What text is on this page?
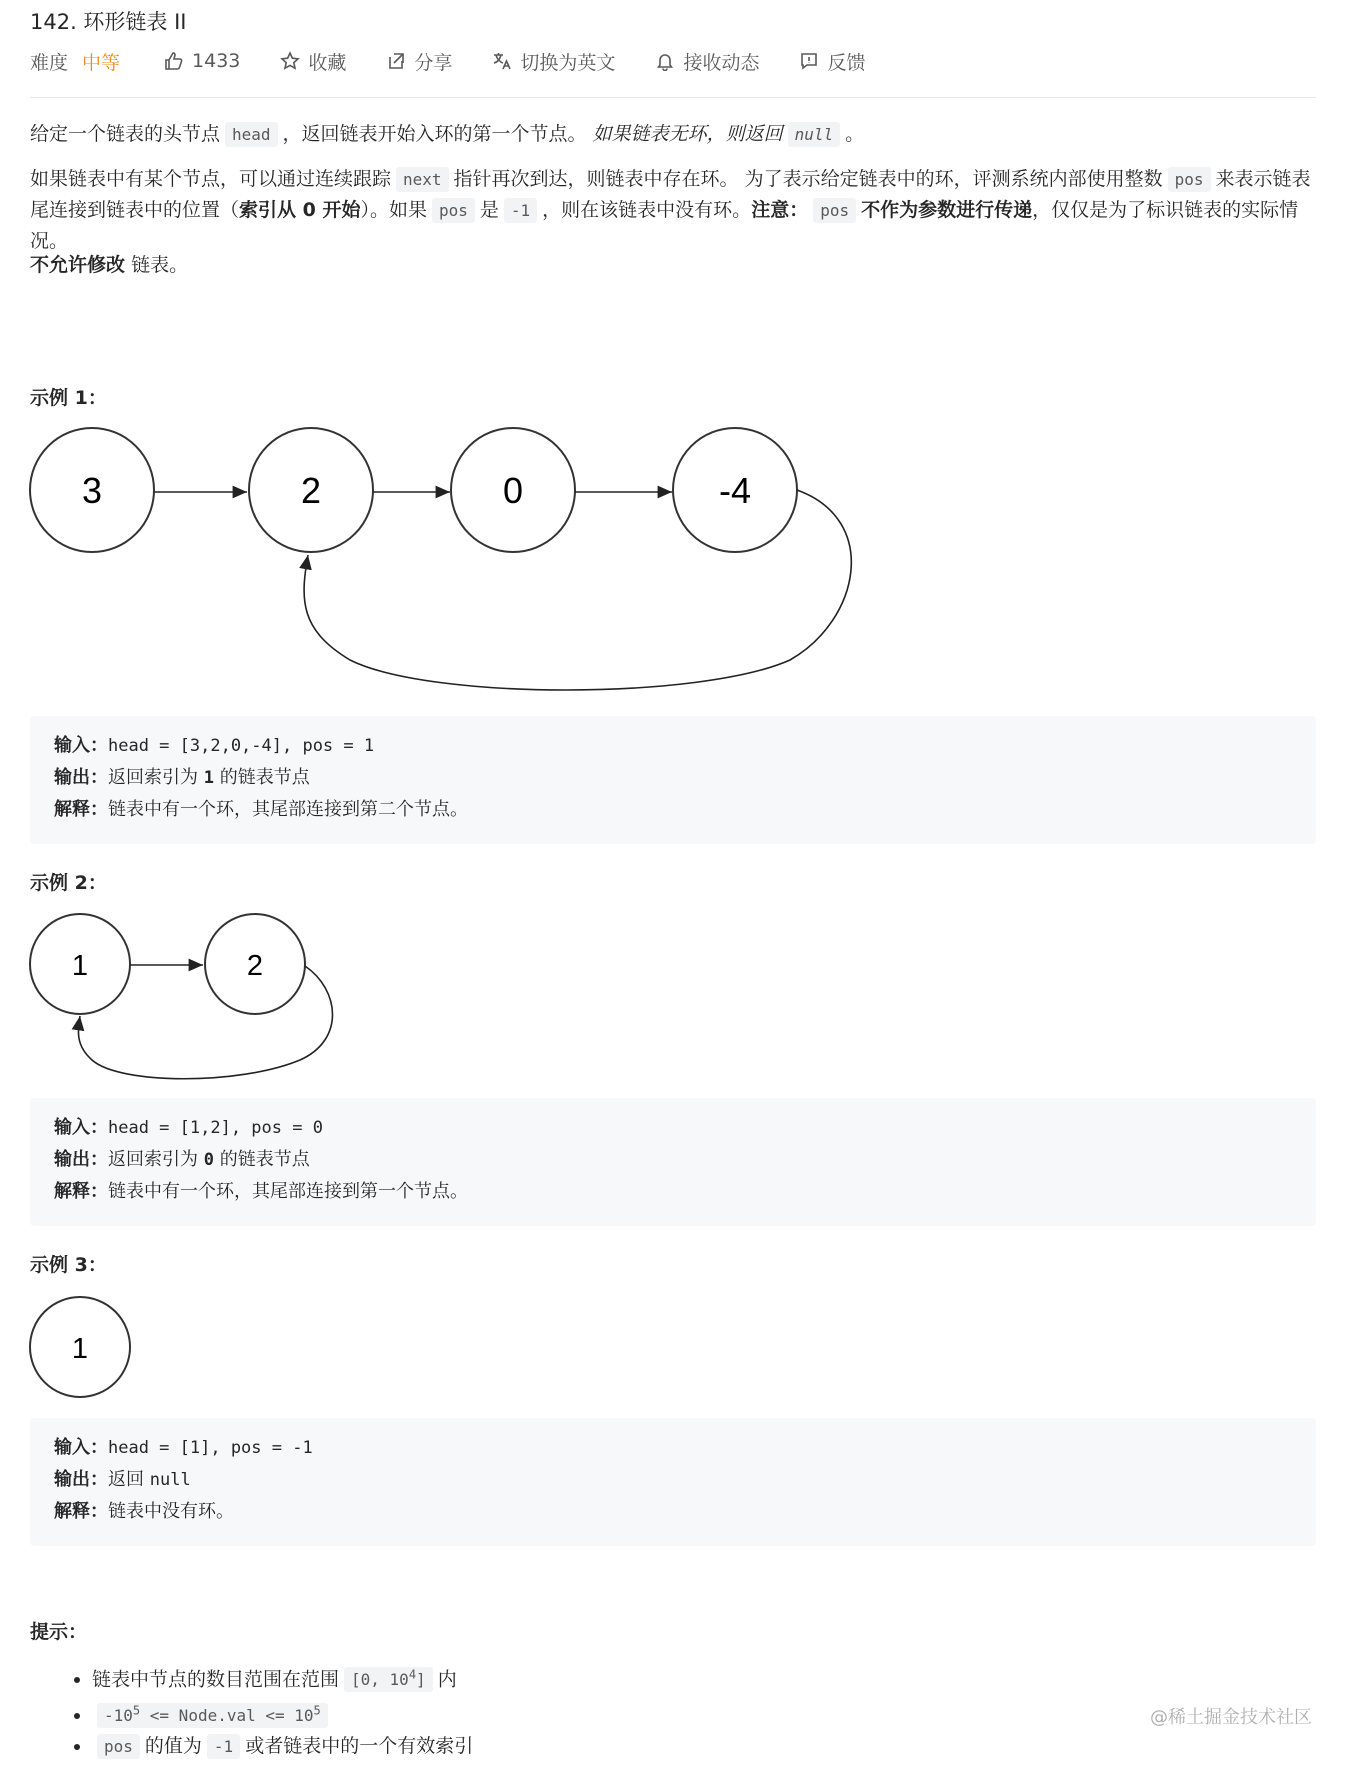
142. 环形链表 II
难度 中等	1433	收藏	分享	切换为英文	接收动态	反馈
给定一个链表的头节点 head ，返回链表开始入环的第一个节点。 如果链表无环，则返回 null 。
如果链表中有某个节点，可以通过连续跟踪 next 指针再次到达，则链表中存在环。 为了表示给定链表中的环，评测系统内部使用整数 pos 来表示链表尾连接到链表中的位置（索引从 0 开始）。如果 pos 是 -1 ，则在该链表中没有环。注意： pos 不作为参数进行传递，仅仅是为了标识链表的实际情况。
不允许修改 链表。
示例 1：
3	2	0	-4
1	2
1
输入：head = [3,2,0,-4], pos = 1
输出：返回索引为 1 的链表节点
解释：链表中有一个环，其尾部连接到第二个节点。
示例 2：
输入：head = [1,2], pos = 0
输出：返回索引为 0 的链表节点
解释：链表中有一个环，其尾部连接到第一个节点。
示例 3：
输入：head = [1], pos = -1
输出：返回 null
解释：链表中没有环。
提示：
• 链表中节点的数目范围在范围 [0, $10^4$] 内
• $-10^5$ <= Node.val <= $10^5$
• pos 的值为 -1 或者链表中的一个有效索引
@稀土掘金技术社区
